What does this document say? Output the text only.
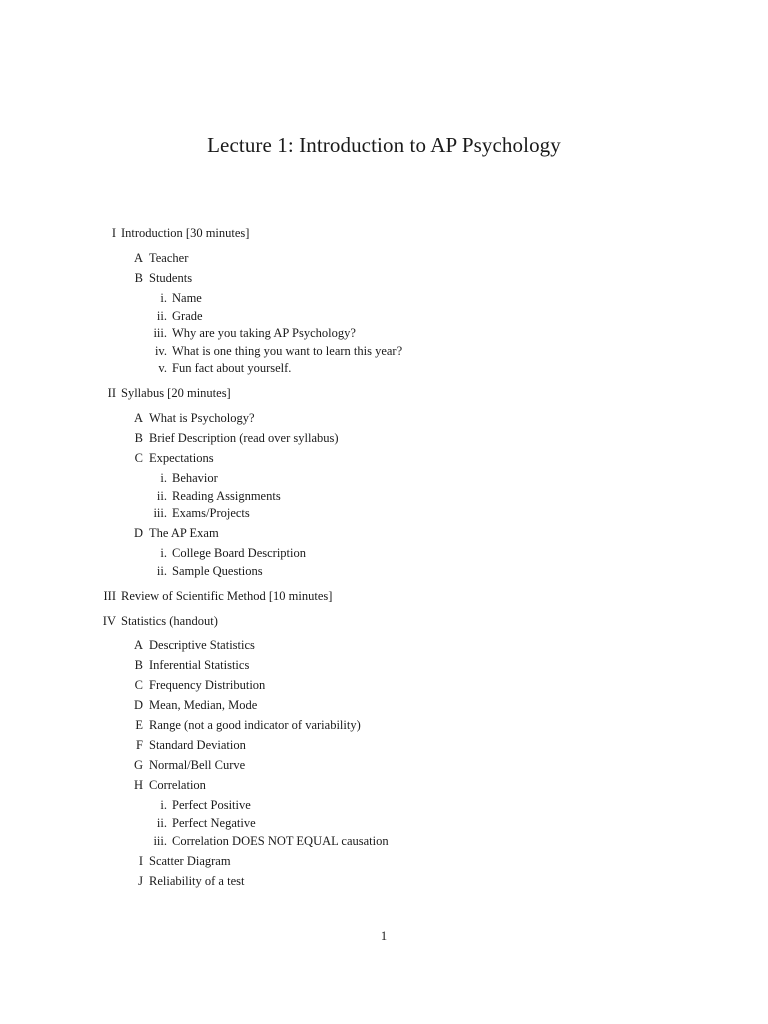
Lecture 1: Introduction to AP Psychology
I Introduction [30 minutes]
A Teacher
B Students
i. Name
ii. Grade
iii. Why are you taking AP Psychology?
iv. What is one thing you want to learn this year?
v. Fun fact about yourself.
II Syllabus [20 minutes]
A What is Psychology?
B Brief Description (read over syllabus)
C Expectations
i. Behavior
ii. Reading Assignments
iii. Exams/Projects
D The AP Exam
i. College Board Description
ii. Sample Questions
III Review of Scientific Method [10 minutes]
IV Statistics (handout)
A Descriptive Statistics
B Inferential Statistics
C Frequency Distribution
D Mean, Median, Mode
E Range (not a good indicator of variability)
F Standard Deviation
G Normal/Bell Curve
H Correlation
i. Perfect Positive
ii. Perfect Negative
iii. Correlation DOES NOT EQUAL causation
I Scatter Diagram
J Reliability of a test
1
